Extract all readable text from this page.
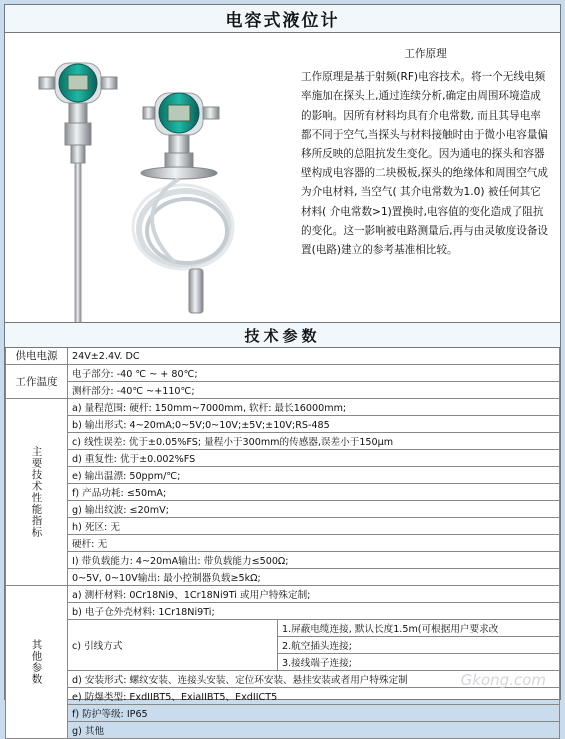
电容式液位计
工作原理
工作原理是基于射频(RF)电容技术。将一个无线电频率施加在探头上,通过连续分析,确定由周围环境造成的影响。因所有材料均具有介电常数, 而且其导电率都不同于空气,当探头与材料接触时由于微小电容量偏移所反映的总阻抗发生变化。因为通电的探头和容器壁构成电容器的二块极板,探头的绝缘体和周围空气成为介电材料, 当空气( 其介电常数为1.0) 被任何其它材料( 介电常数>1)置换时,电容值的变化造成了阻抗的变化。这一影响被电路测量后,再与由灵敏度设备设置(电路)建立的参考基准相比较。
技术参数
供电电源	24V±2.4V. DC	
工作温度	电子部分: -40 ℃ ~ + 80℃;	
	测杆部分: -40℃ ~+110℃;	
主要技术性能指标	a) 量程范围: 硬杆: 150mm~7000mm, 软杆: 最长16000mm;	
	b) 输出形式: 4~20mA;0~5V;0~10V;±5V;±10V;RS-485	
	c) 线性误差: 优于±0.05%FS; 量程小于300mm的传感器,误差小于150μm	
	d) 重复性: 优于±0.002%FS	
	e) 输出温漂: 50ppm/℃;	
	f) 产品功耗: ≤50mA;	
	g) 输出纹波: ≤20mV;	
	h) 死区: 无	
	硬杆: 无	
	I) 带负载能力: 4~20mA输出: 带负载能力≤500Ω;	
	0~5V, 0~10V输出: 最小控制器负载≥5kΩ;	
其他参数	a) 测杆材料: 0Cr18Ni9、1Cr18Ni9Ti 或用户特殊定制;	
	b) 电子仓外壳材料: 1Cr18Ni9Ti;	
	c) 引线方式	1.屏蔽电缆连接, 默认长度1.5m(可根据用户要求改
		2.航空插头连接;
		3.接线端子连接;
	d) 安装形式: 螺纹安装、连接头安装、定位环安装、悬挂安装或者用户特殊定制	
	e) 防爆类型: ExdIIBT5、ExiaIIBT5、ExdIICT5	
	f) 防护等级: IP65	
	g) 其他	
Gkong.com
